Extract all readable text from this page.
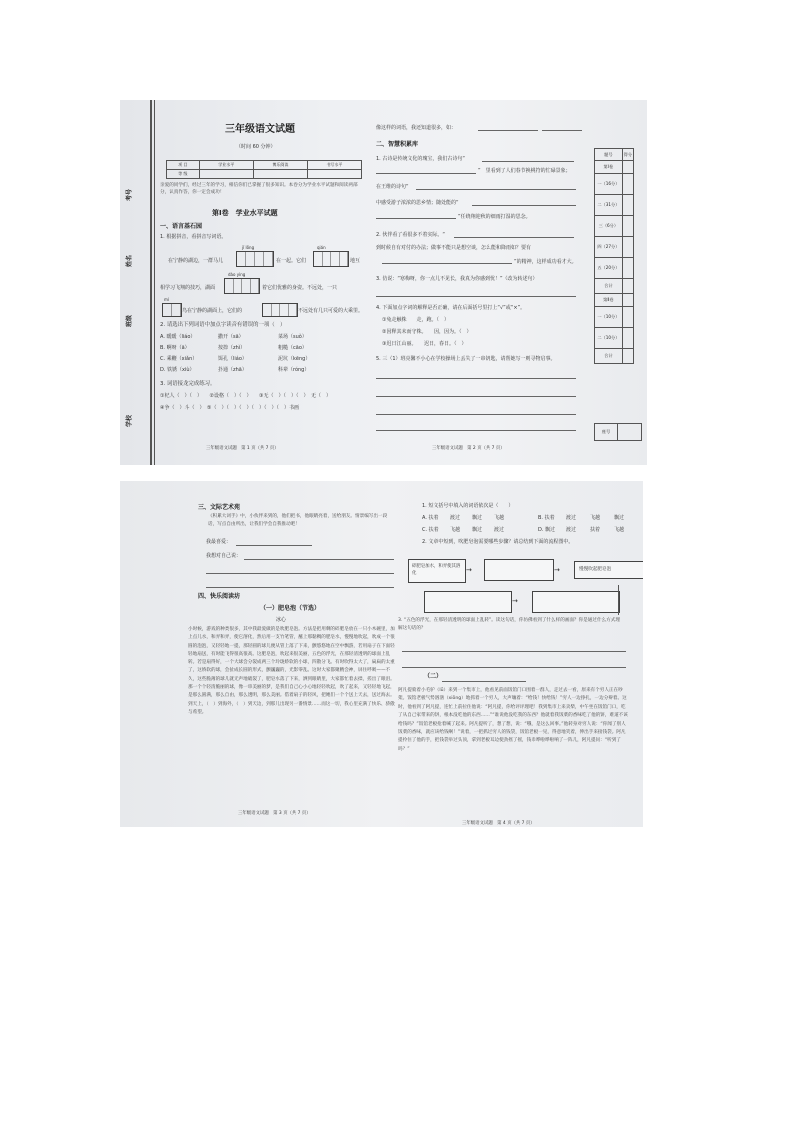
考号
姓名
班级
学校
三年级语文试题
（时间 60 分钟）
项 目	学业水平	博乐阅读	书写水平
等 级			
亲爱的同学们，经过三年的学习，相信你们已掌握了很多知识。本卷分为学业水平试题和阅读两部分，认真作答，你一定会成功！
第Ⅰ卷　学业水平试题
一、语言基石园
1. 根据拼音，看拼音写词语。
jǐ lǒng	qián
在宁静的湖边，一群马儿	在一起。它们	地互
dào yìng
相学习飞翔的技巧，湖面	着它们优雅的身姿。不远处，一只
mí
鸟在宁静的湖面上，它们的	不远处有几只可爱的大乘里。
2. 请选出下列词语中加点字读音有错误的一项（　）
A. 暖暖（liáo）	撒开（sā）	菜场（suǒ）
B. 啊呀（ā）	按捺（zhì）	粗糙（cāo）
C. 乘鞭（xiǎn）	饵孔（liáo）	泥坑（kēng）
D. 铁锈（xiù）	扑通（zhā）	科辈（róng）
3. 词语接龙完成练习。
①杞人（　）（　）　　②设格（　）（　）　　③无（　）（　）（　）　无（　）
④争（　）斗（　）　⑤（　）（　）（　）（　）（　）（　）书画
三年级语文试题　第 1 页（共 7 页）
像这样的词语，我还知道很多，如：
二、智慧积累库
1. 古诗是传统文化的瑰宝，我们古诗句“
”　里看到了人们春节换桃符的忙碌景象；
在王维的诗句“
中感受游子浓浓的思乡情；随处能的“
”任绕翔迎秋的细雨打湿的思念。
2. 伙伴看了看很多不着实际。“
到时候自有对付的办法；做事不能只是想空谈，怎么能和降雨如？要有
”的精神，这样成功看才大。
3. 仿说：“寒梅呀，你一点儿不见长，我真为你感到忧！”（改为转述句）
4. 下面加点字词的解释是否正确，请在后面括号里打上“√”或“×”。
①兔走触株　　走，跑。（　）
②因释其未而守株。　　因，因为。（　）
③迟日江山丽。　　迟日，春日。（　）
5. 三（1）班亮馨不小心在学校操场上丢失了一串钥匙，请帮她写一则寻物启事。
三年级语文试题　第 2 页（共 7 页）
题号	得分
第Ⅰ卷	
一（16分）	
二（31分）	
三（6分）	
四（27分）	
五（20分）	
合计	
第Ⅱ卷	
一（10分）	
二（10分）	
合计	
座号	
三、文际艺术苑
《积累大词手》中，小伙伴来到的，他们把书，他眼睛亮着，送给朋友。情景编写出一段话，写点自由所出，让我们学会自我推动吧！
我最喜爱：
我想对自己说：
四、快乐阅读坊
（一）肥皂泡（节选）
冰心
小时候，游戏的种类很多，其中我最爱做的是吹肥皂泡。方法是把用剩的碎肥皂放在一只小木碗里，加上点儿水，和弄和弄，使它溶化，然后用一支竹笔管，蘸上那黏稠的肥皂水，慢慢地吹起，吹成一个很圆的泡泡，又轻轻地一提，那轻圆的球儿便从管上落了下来，颤悠悠地在空中飘游，若用扇子在下面轻轻地扇送，有时能飞得很高很高。这肥皂泡，吹起来很美丽，五色的浮光，在那轻清透明的球面上乱转。若是扇得好，一个大球会分裂成两三个玲珑娇软的小球，四散分飞。有时吹得太大了，扁扁的太重了，这娇软的球，会扯成长圆的形式，颤巍巍的，光影零乱。这时大家都聚精会神，屏住呼吸——不久，这些脆薄的球儿就无声地破裂了，肥皂水落了下来，洒到眼睛里，大家都忙着去揉，搓出了眼泪。那一个个轻清脆丽的球，像一串美丽的梦，是我们自己心小心地轻轻吹起，吹了起来，又轻轻地飞起，是那么圆满，那么自由，那么透明，那么美丽。借着扇子的轻风，把她们一个个送上天去，送过海去。到天上，（　）到海外，（　）到天边，到那儿出现另一番情景……而这一切，我心里充满了快乐、骄傲与希望。
三年级语文试题　第 3 页（共 7 页）
1. 短文括号中填入的词语依次是（　　）
A. 扶着 渡过 飘过 飞越	B. 扶着 渡过	飞越	飘过
C. 扶着 飞越 飘过 渡过	D. 飘过 渡过	扶着	飞越
2. 文章中短到，吹肥皂泡需要哪些步骤？请总结到下面的流程图中。
碎肥皂加水，和弄使其溶化	→	→	慢慢吹起肥皂泡
→
3. “五色的浮光，在那轻清透明的球面上乱转”。读这句话，你仿佛看到了什么样的画面？你是通过什么方式理解这句话的？
（二）
阿凡提骑着小毛驴（lǘ）来到一个集市上，他看见前面饭馆门口围着一群人，走过去一看，原来有个穷人正在吵架。饭馆老板气势汹汹（xiōng）地抓着一个穷人，大声嚷着：“给钱！快给钱！”穷人一边挣扎，一边分辩着。这时，他看到了阿凡提，连忙上前拉住他说：“阿凡提，你给评评理吧！我到集市上来卖柴，中午坐在饭馆门口，吃了从自己家带来的饼，根本没吃他的东西……”“谁说他没吃我的东西？他就着我饭菜的香味吃了他的饼，难道不该给钱吗？”饭馆老板抢着喊了起来。阿凡提听了，想了想，说：“哦，是这么回事。”他转身对穷人说：“你闻了别人饭菜的香味，就应该给钱啊！”说着，一把抓过穷人的钱袋，饭馆老板一见，得意地笑着，伸出手来接钱袋。阿凡提拎住了他的手，把钱袋举过头顶，拿到老板耳边使劲摇了摇，钱币哗啦哗啦响了一阵儿，阿凡提问：“听到了吗？”
三年级语文试题　第 4 页（共 7 页）
